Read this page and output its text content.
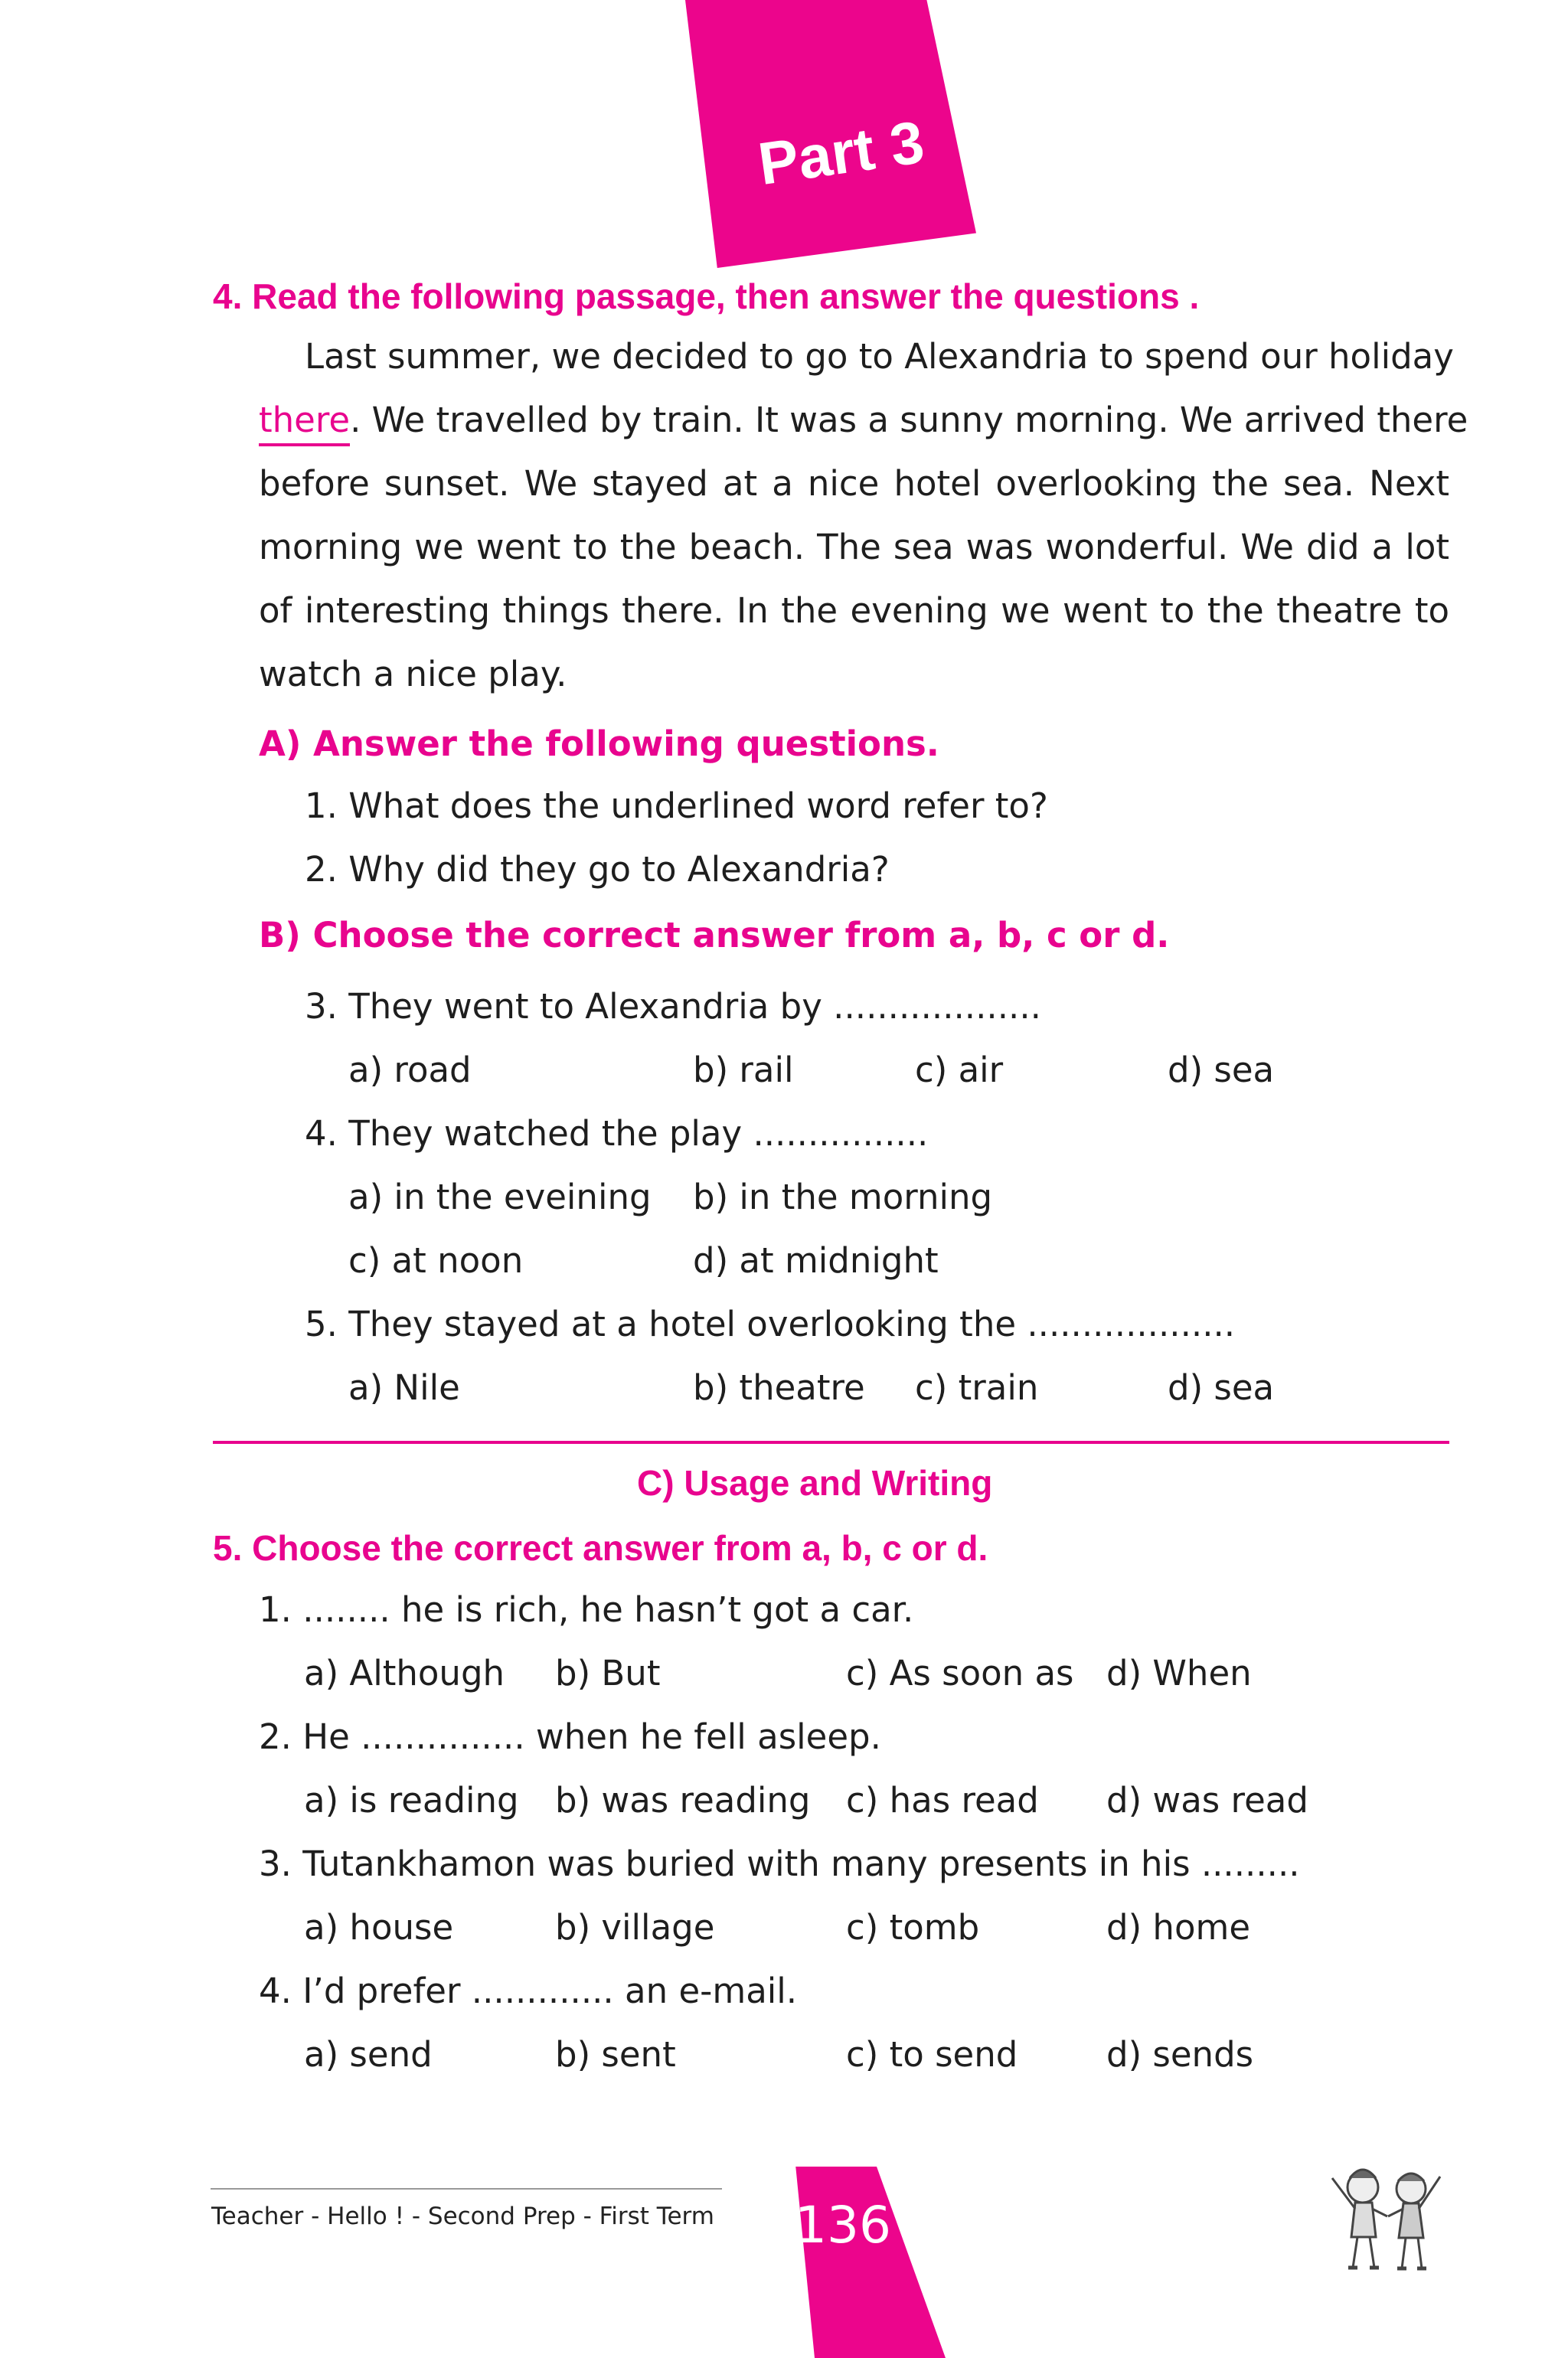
Part 3
4. Read the following passage, then answer the questions .
Last summer, we decided to go to Alexandria to spend our holiday
there. We travelled by train. It was a sunny morning. We arrived there
before sunset. We stayed at a nice hotel overlooking the sea. Next
morning we went to the beach. The sea was wonderful. We did a lot
of interesting things there. In the evening we went to the theatre to
watch a nice play.
A) Answer the following questions.
1. What does the underlined word refer to?
2. Why did they go to Alexandria?
B) Choose the correct answer from a, b, c or d.
3. They went to Alexandria by ...................
a) road	b) rail	c) air	d) sea
4. They watched the play ................
a) in the eveining b) in the morning
c) at noon	d) at midnight
5. They stayed at a hotel overlooking the ...................
a) Nile	b) theatre c) train	d) sea
C) Usage and Writing
5. Choose the correct answer from a, b, c or d.
1. ........ he is rich, he hasn’t got a car.
a) Although b) But	c) As soon as d) When
2. He ............... when he fell asleep.
a) is reading b) was reading c) has read d) was read
3. Tutankhamon was buried with many presents in his .........
a) house	b) village	c) tomb	d) home
4. I’d prefer ............. an e-mail.
a) send	b) sent	c) to send	d) sends
Teacher - Hello ! - Second Prep - First Term 136
